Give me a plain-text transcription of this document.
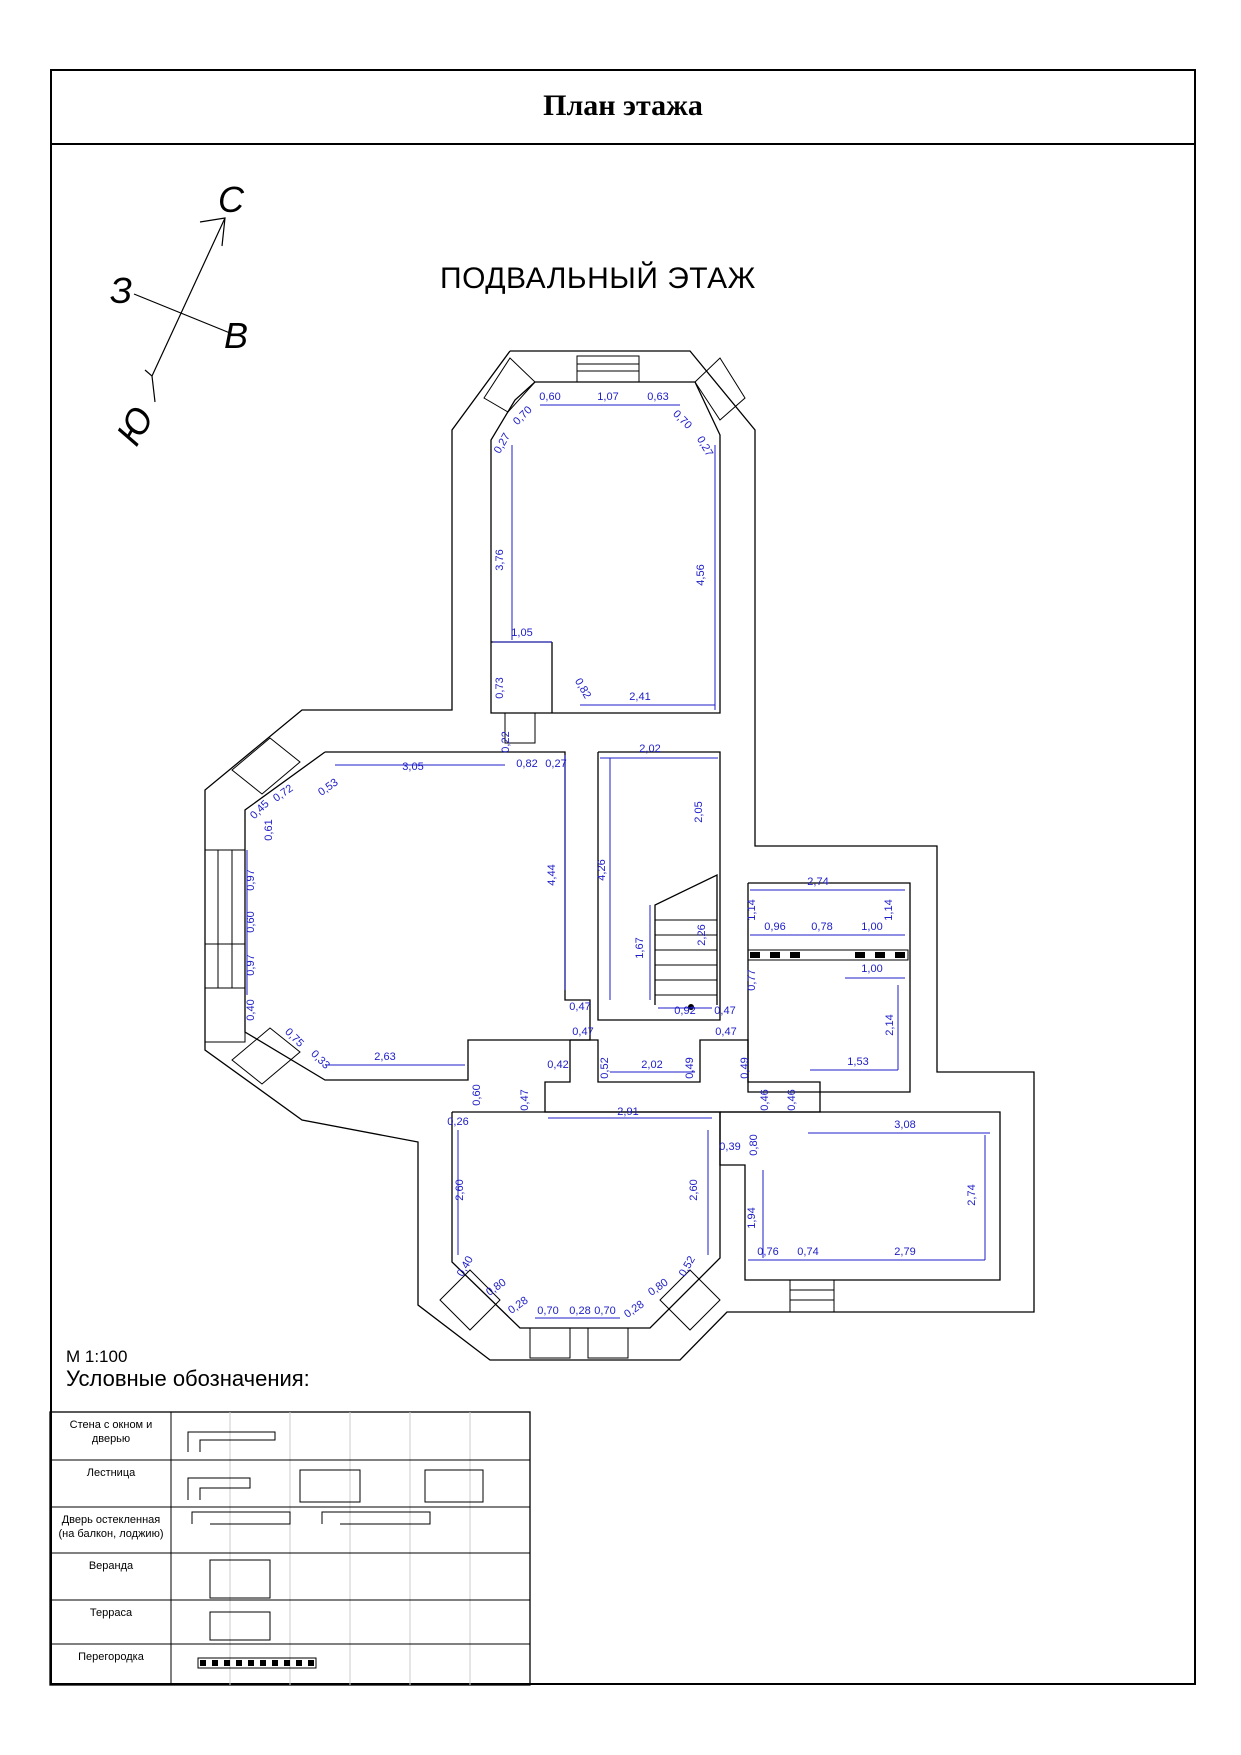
План этажа
ПОДВАЛЬНЫЙ ЭТАЖ
М 1:100
Условные обозначения:
С
З
В
Ю
0,60	1,07	0,63
0,70
0,27
0,70
0,27
3,76
4,56
1,05
0,73	0,82	2,41
0,22
3,05	0,82 0,27
0,53
0,72
0,45
0,61
0,97
0,60
0,97
0,40
0,75
0,33	2,63
4,44
0,47
0,60
2,02
2,05
4,26
1,67
2,26
0,92 0,47
2,74
1,14	1,14
0,96 0,78	1,00
1,00
0,77
2,14
1,53
0,47
0,42	0,52	2,02 0,49
0,47
0,49
0,47	0,46 0,46
2,91
0,26
2,60	2,60
0,40
0,80
0,28 0,70 0,28 0,70 0,28
0,80
0,52
0,39 0,80
3,08
2,74
1,94
0,76 0,74	2,79
Стена с окном и
дверью
Лестница
Дверь остекленная
(на балкон, лоджию)
Веранда
Терраса
Перегородка
